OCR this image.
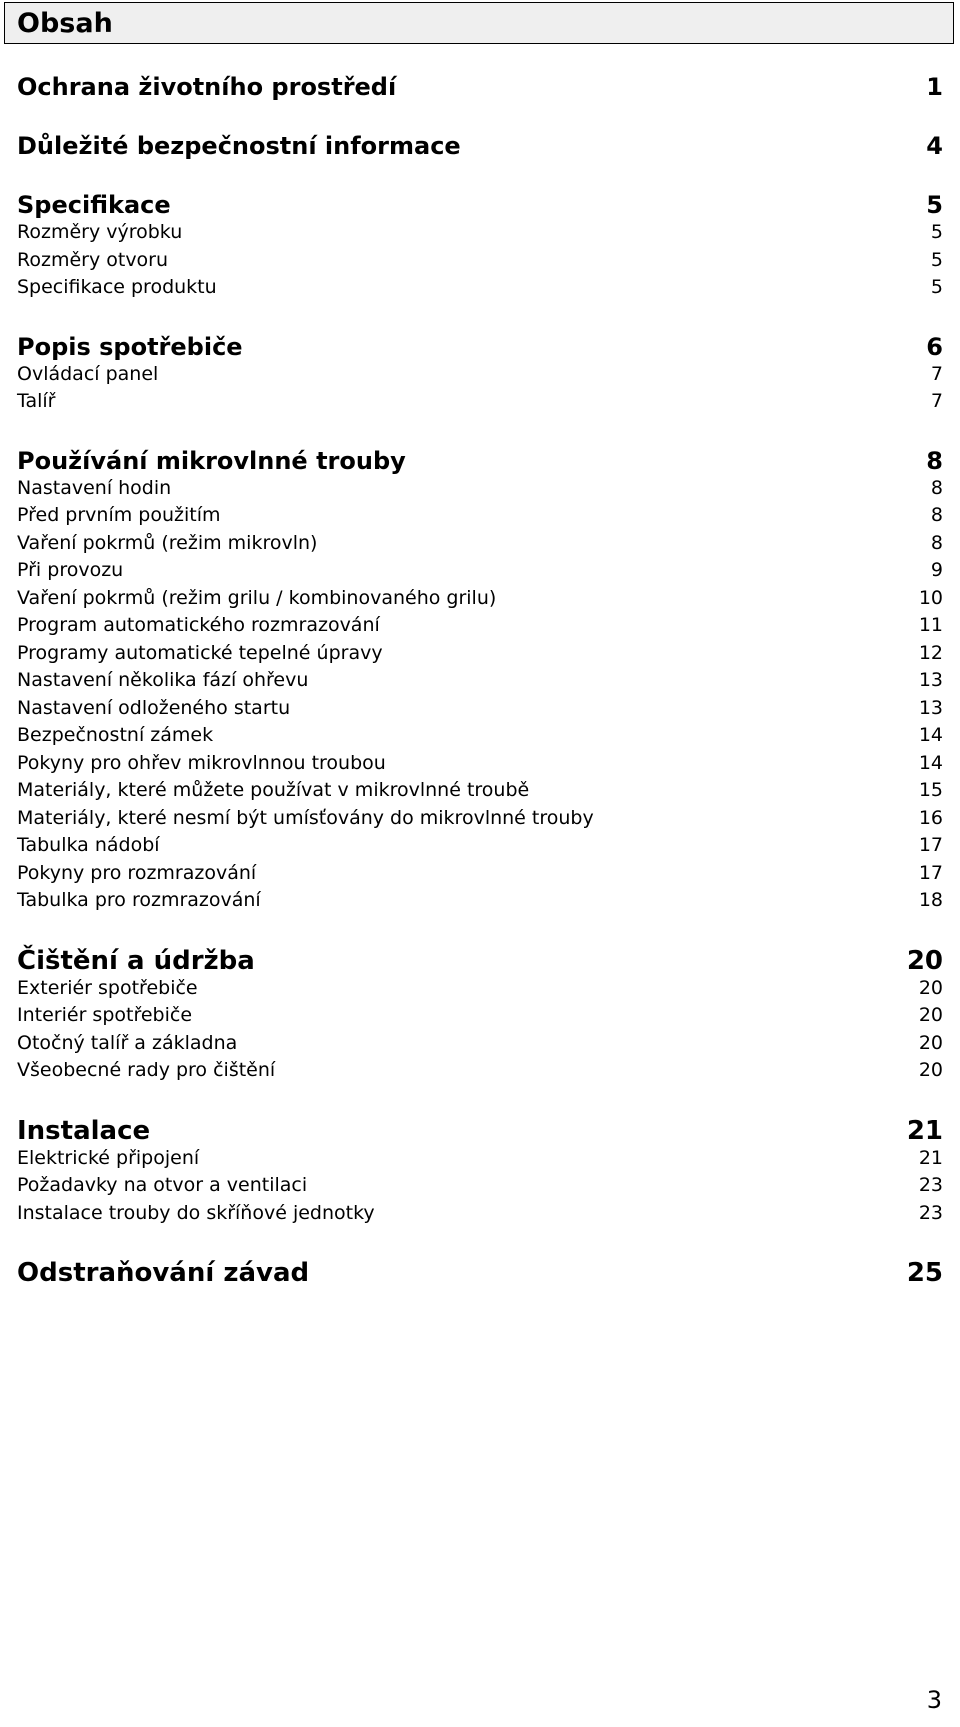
Obsah
Ochrana životního prostředí	1
Důležité bezpečnostní informace	4
Specifikace	5
Rozměry výrobku	5
Rozměry otvoru	5
Specifikace produktu	5
Popis spotřebiče	6
Ovládací panel	7
Talíř	7
Používání mikrovlnné trouby	8
Nastavení hodin	8
Před prvním použitím	8
Vaření pokrmů (režim mikrovln)	8
Při provozu	9
Vaření pokrmů (režim grilu / kombinovaného grilu)	10
Program automatického rozmrazování	11
Programy automatické tepelné úpravy	12
Nastavení několika fází ohřevu	13
Nastavení odloženého startu	13
Bezpečnostní zámek	14
Pokyny pro ohřev mikrovlnnou troubou	14
Materiály, které můžete používat v mikrovlnné troubě	15
Materiály, které nesmí být umísťovány do mikrovlnné trouby	16
Tabulka nádobí	17
Pokyny pro rozmrazování	17
Tabulka pro rozmrazování	18
Čištění a údržba	20
Exteriér spotřebiče	20
Interiér spotřebiče	20
Otočný talíř a základna	20
Všeobecné rady pro čištění	20
Instalace	21
Elektrické připojení	21
Požadavky na otvor a ventilaci	23
Instalace trouby do skříňové jednotky	23
Odstraňování závad	25
3
